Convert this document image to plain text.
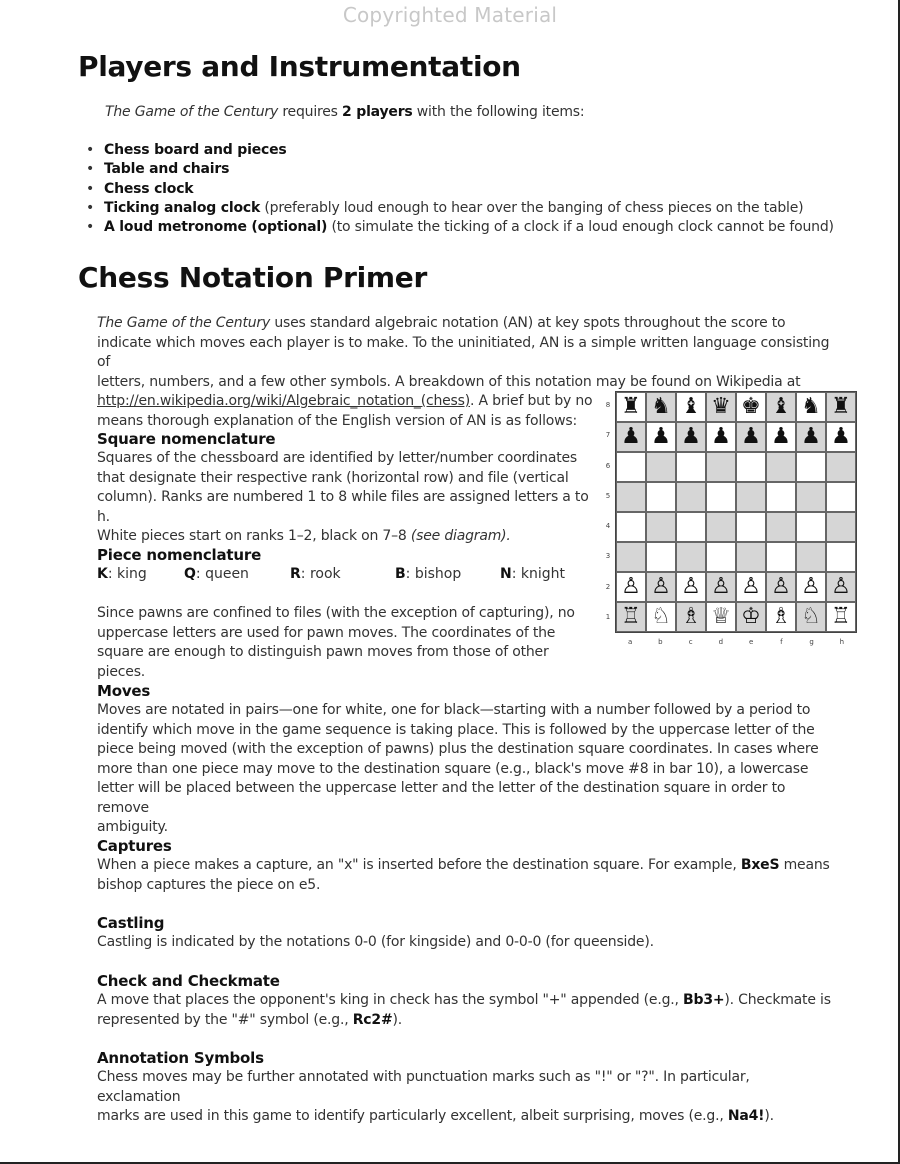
Copyrighted Material
Players and Instrumentation

The Game of the Century requires 2 players with the following items:

• Chess board and pieces
• Table and chairs
• Chess clock
• Ticking analog clock (preferably loud enough to hear over the banging of chess pieces on the table)
• A loud metronome (optional) (to simulate the ticking of a clock if a loud enough clock cannot be found)
Chess Notation Primer

The Game of the Century uses standard algebraic notation (AN) at key spots throughout the score to

indicate which moves each player is to make. To the uninitiated, AN is a simple written language consisting of

letters, numbers, and a few other symbols. A breakdown of this notation may be found on Wikipedia at

http://en.wikipedia.org/wiki/Algebraic_notation_(chess). A brief but by no

means thorough explanation of the English version of AN is as follows:

Square nomenclature

Squares of the chessboard are identified by letter/number coordinates

that designate their respective rank (horizontal row) and file (vertical

column). Ranks are numbered 1 to 8 while files are assigned letters a to h.

White pieces start on ranks 1–2, black on 7–8 (see diagram).

Piece nomenclature
K: king	Q: queen	R: rook	B: bishop	N: knight

Since pawns are confined to files (with the exception of capturing), no

uppercase letters are used for pawn moves. The coordinates of the

square are enough to distinguish pawn moves from those of other pieces.

♜ ♞ ♝ ♛ ♚ ♝ ♞ ♜
♟ ♟ ♟ ♟ ♟ ♟ ♟ ♟
♙ ♙ ♙ ♙ ♙ ♙ ♙ ♙
♖ ♘ ♗ ♕ ♔ ♗ ♘ ♖
8
7
6
5
4
3
2
1
a	b	c	d	e	f	g	h
Moves

Moves are notated in pairs—one for white, one for black—starting with a number followed by a period to

identify which move in the game sequence is taking place. This is followed by the uppercase letter of the

piece being moved (with the exception of pawns) plus the destination square coordinates. In cases where

more than one piece may move to the destination square (e.g., black's move #8 in bar 10), a lowercase

letter will be placed between the uppercase letter and the letter of the destination square in order to remove

ambiguity.

Captures

When a piece makes a capture, an "x" is inserted before the destination square. For example, BxeS means

bishop captures the piece on e5.

Castling

Castling is indicated by the notations 0-0 (for kingside) and 0-0-0 (for queenside).

Check and Checkmate

A move that places the opponent's king in check has the symbol "+" appended (e.g., Bb3+). Checkmate is

represented by the "#" symbol (e.g., Rc2#).

Annotation Symbols

Chess moves may be further annotated with punctuation marks such as "!" or "?". In particular, exclamation

marks are used in this game to identify particularly excellent, albeit surprising, moves (e.g., Na4!).
